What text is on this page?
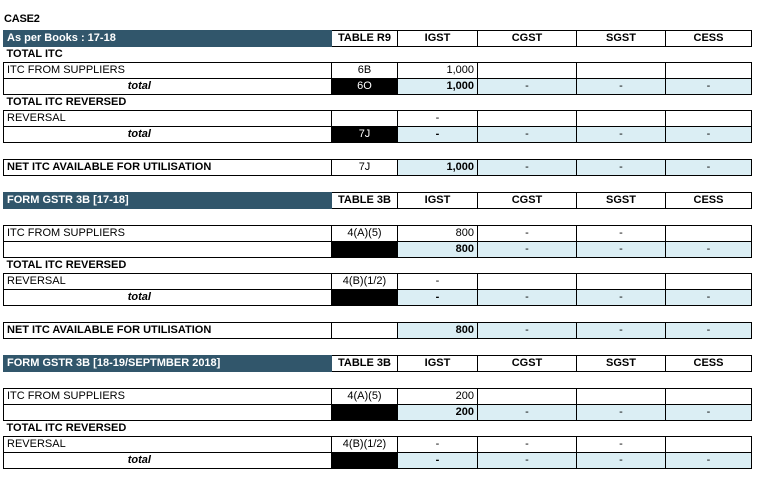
CASE2
As per Books : 17-18	TABLE R9	IGST	CGST	SGST	CESS
TOTAL ITC					
ITC FROM SUPPLIERS	6B	1,000			
total	6O	1,000	-	-	-
TOTAL ITC REVERSED					
REVERSAL		-			
total	7J	-	-	-	-

NET ITC AVAILABLE FOR UTILISATION	7J	1,000	-	-	-

FORM GSTR 3B [17-18]	TABLE 3B	IGST	CGST	SGST	CESS

ITC FROM SUPPLIERS	4(A)(5)	800	-	-	
		800	-	-	-
TOTAL ITC REVERSED					
REVERSAL	4(B)(1/2)	-			
total		-	-	-	-

NET ITC AVAILABLE FOR UTILISATION		800	-	-	-

FORM GSTR 3B [18-19/SEPTMBER 2018]	TABLE 3B	IGST	CGST	SGST	CESS

ITC FROM SUPPLIERS	4(A)(5)	200			
		200	-	-	-
TOTAL ITC REVERSED					
REVERSAL	4(B)(1/2)	-	-	-	
total		-	-	-	-
